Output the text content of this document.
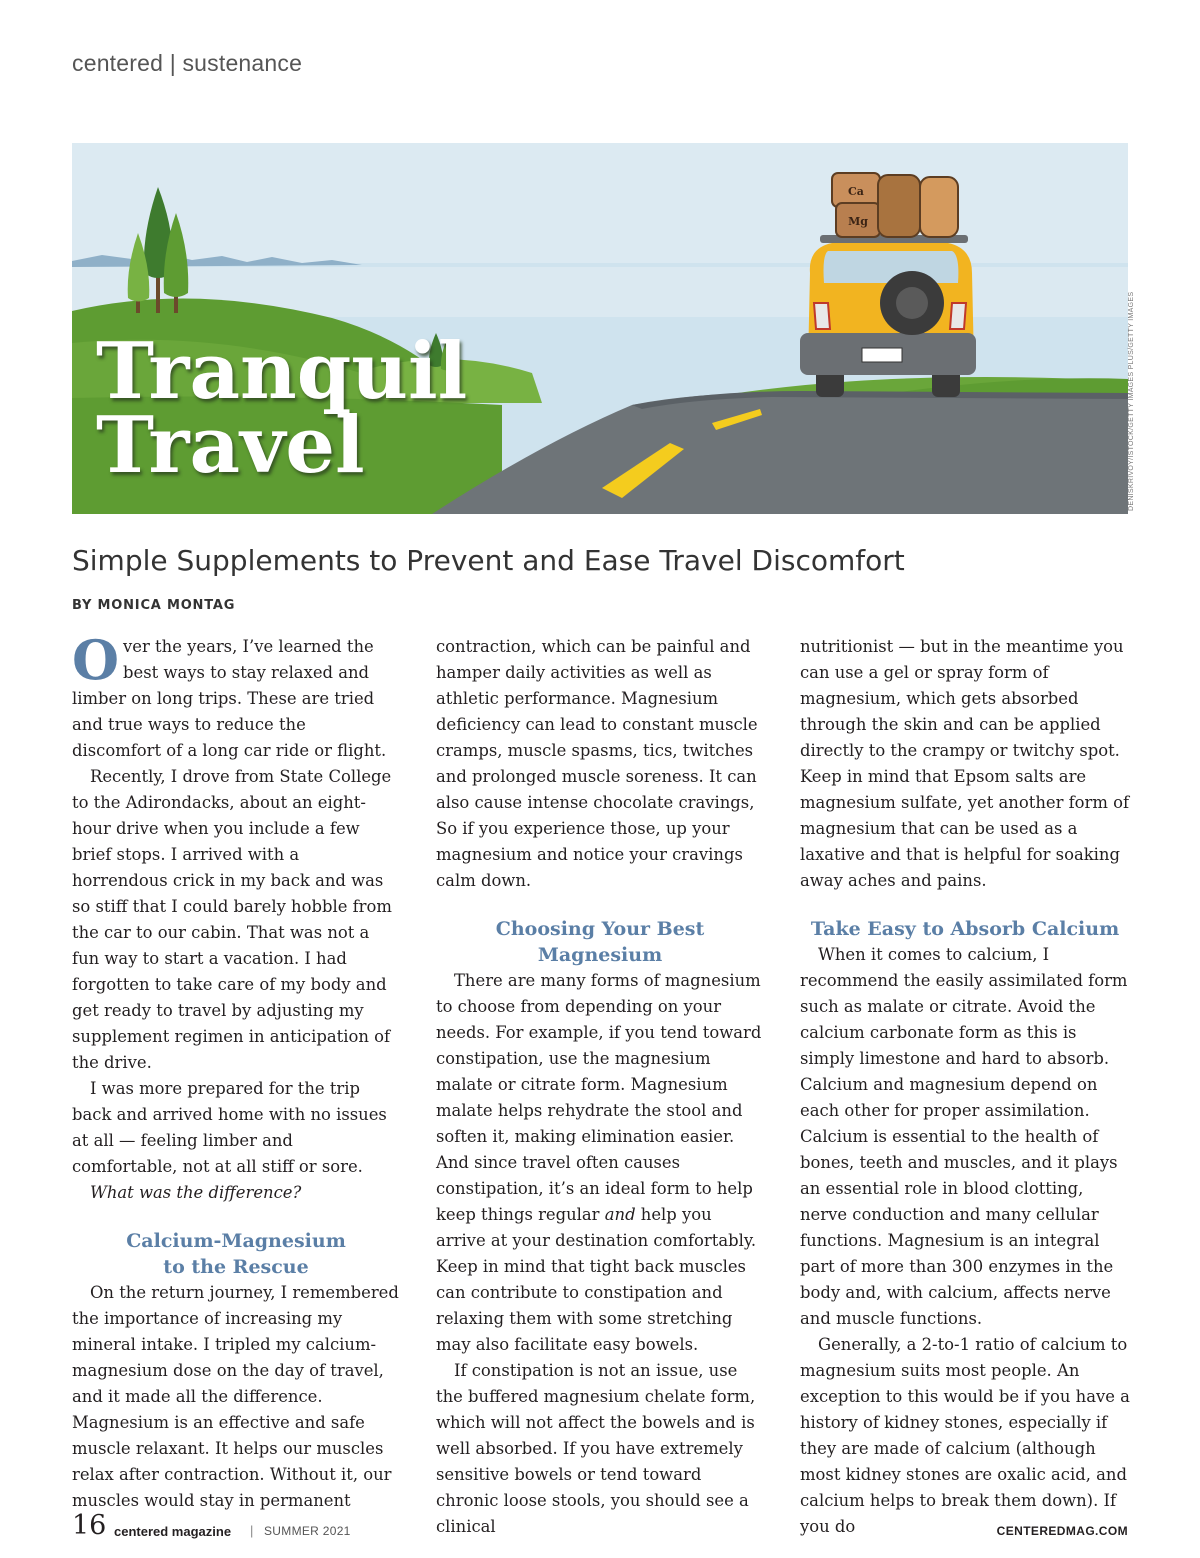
centered | sustenance
Ca
Mg
Tranquil
Travel	DENISKRIVOY/ISTOCK/GETTY IMAGES PLUS/GETTY IMAGES
Simple Supplements to Prevent and Ease Travel Discomfort
BY MONICA MONTAG

Over the years, I’ve learned the best ways to stay relaxed and limber on long trips. These are tried and true ways to reduce the discomfort of a long car ride or flight.

Recently, I drove from State College to the Adirondacks, about an eight-hour drive when you include a few brief stops. I arrived with a horrendous crick in my back and was so stiff that I could barely hobble from the car to our cabin. That was not a fun way to start a vacation. I had forgotten to take care of my body and get ready to travel by adjusting my supplement regimen in anticipation of the drive.

I was more prepared for the trip back and arrived home with no issues at all — feeling limber and comfortable, not at all stiff or sore.

What was the difference?

Calcium-Magnesium
to the Rescue

On the return journey, I remembered the importance of increasing my mineral intake. I tripled my calcium-magnesium dose on the day of travel, and it made all the difference. Magnesium is an effective and safe muscle relaxant. It helps our muscles relax after contraction. Without it, our muscles would stay in permanent

contraction, which can be painful and hamper daily activities as well as athletic performance. Magnesium deficiency can lead to constant muscle cramps, muscle spasms, tics, twitches and prolonged muscle soreness. It can also cause intense chocolate cravings, So if you experience those, up your magnesium and notice your cravings calm down.

Choosing Your Best
Magnesium

There are many forms of magnesium to choose from depending on your needs. For example, if you tend toward constipation, use the magnesium malate or citrate form. Magnesium malate helps rehydrate the stool and soften it, making elimination easier. And since travel often causes constipation, it’s an ideal form to help keep things regular and help you arrive at your destination comfortably. Keep in mind that tight back muscles can contribute to constipation and relaxing them with some stretching may also facilitate easy bowels.

If constipation is not an issue, use the buffered magnesium chelate form, which will not affect the bowels and is well absorbed. If you have extremely sensitive bowels or tend toward chronic loose stools, you should see a clinical

nutritionist — but in the meantime you can use a gel or spray form of magnesium, which gets absorbed through the skin and can be applied directly to the crampy or twitchy spot. Keep in mind that Epsom salts are magnesium sulfate, yet another form of magnesium that can be used as a laxative and that is helpful for soaking away aches and pains.

Take Easy to Absorb Calcium

When it comes to calcium, I recommend the easily assimilated form such as malate or citrate. Avoid the calcium carbonate form as this is simply limestone and hard to absorb. Calcium and magnesium depend on each other for proper assimilation. Calcium is essential to the health of bones, teeth and muscles, and it plays an essential role in blood clotting, nerve conduction and many cellular functions. Magnesium is an integral part of more than 300 enzymes in the body and, with calcium, affects nerve and muscle functions.

Generally, a 2-to-1 ratio of calcium to magnesium suits most people. An exception to this would be if you have a history of kidney stones, especially if they are made of calcium (although most kidney stones are oxalic acid, and calcium helps to break them down). If you do

16 centered magazine | SUMMER 2021	CENTEREDMAG.COM
